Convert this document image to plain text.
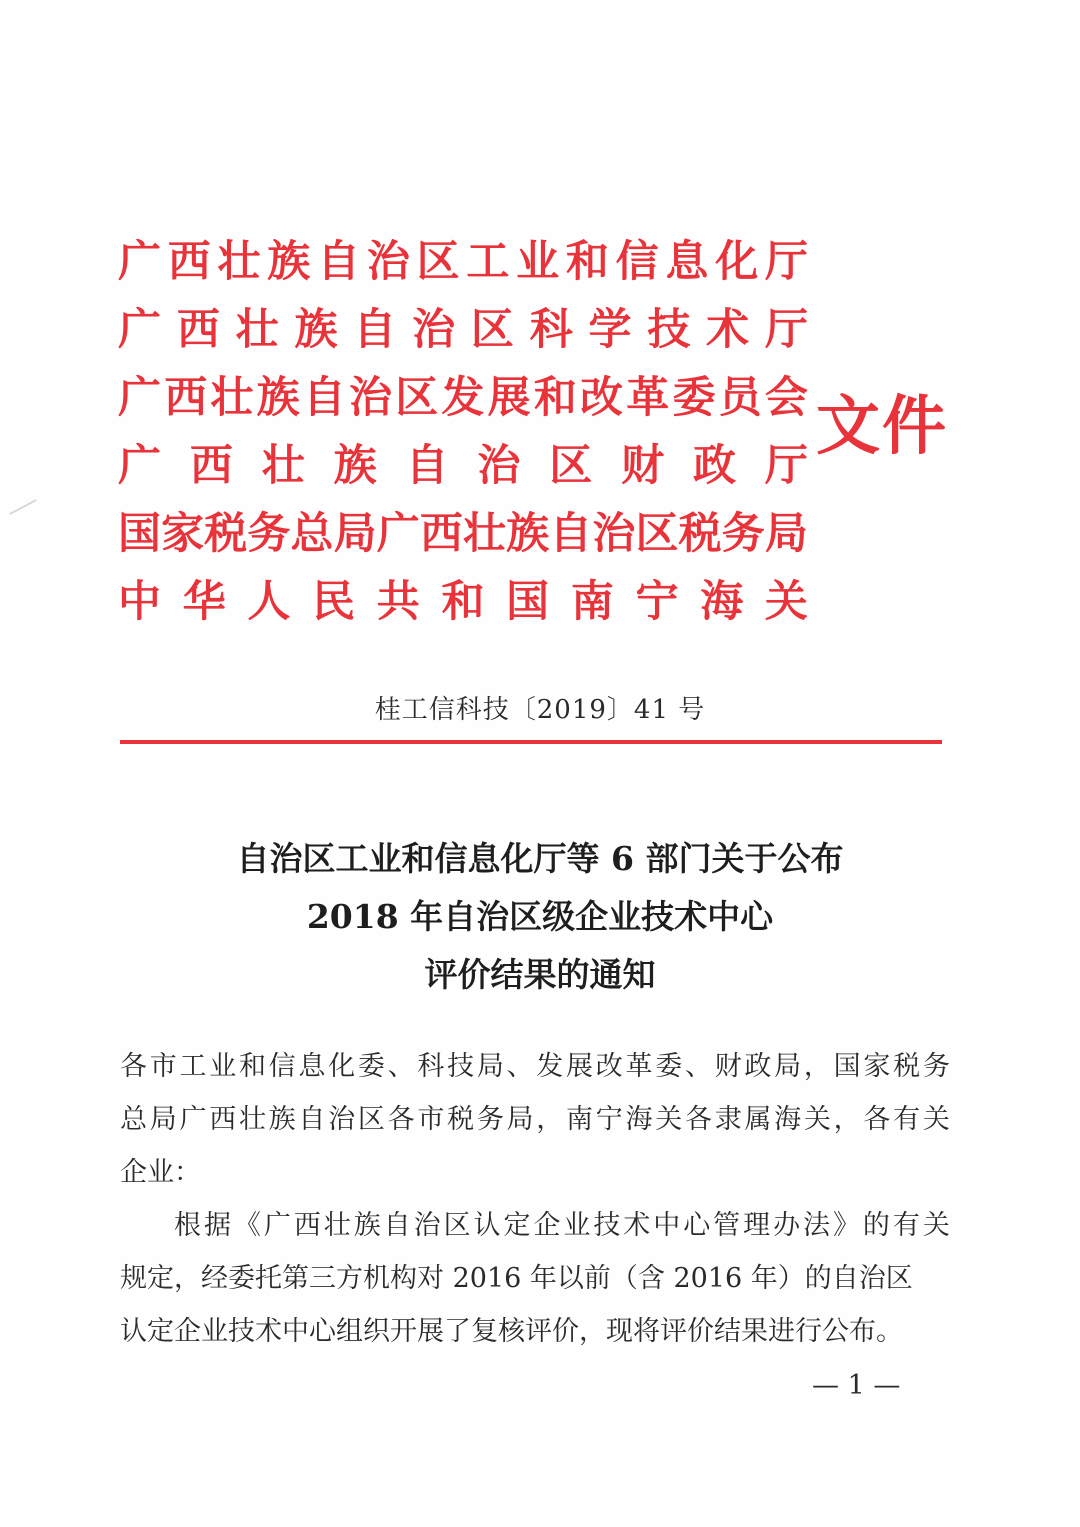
广 西 壮 族 自 治 区 工 业 和 信 息 化 厅
广 西 壮 族 自 治 区 科 学 技 术 厅
广 西 壮 族 自 治 区 发 展 和 改 革 委 员 会
广 西 壮 族 自 治 区 财 政 厅
国 家 税 务 总 局 广 西 壮 族 自 治 区 税 务 局
中 华 人 民 共 和 国 南 宁 海 关
文件
桂工信科技〔2019〕41 号
自治区工业和信息化厅等 6 部门关于公布
2018 年自治区级企业技术中心
评价结果的通知
各 市 工 业 和 信 息 化 委 、 科 技 局 、 发 展 改 革 委 、 财 政 局 ， 国 家 税 务
总 局 广 西 壮 族 自 治 区 各 市 税 务 局 ， 南 宁 海 关 各 隶 属 海 关 ， 各 有 关
企业：
根 据 《 广 西 壮 族 自 治 区 认 定 企 业 技 术 中 心 管 理 办 法 》 的 有 关
规定，经委托第三方机构对 2016 年以前（含 2016 年）的自治区
认定企业技术中心组织开展了复核评价，现将评价结果进行公布。
— 1 —
